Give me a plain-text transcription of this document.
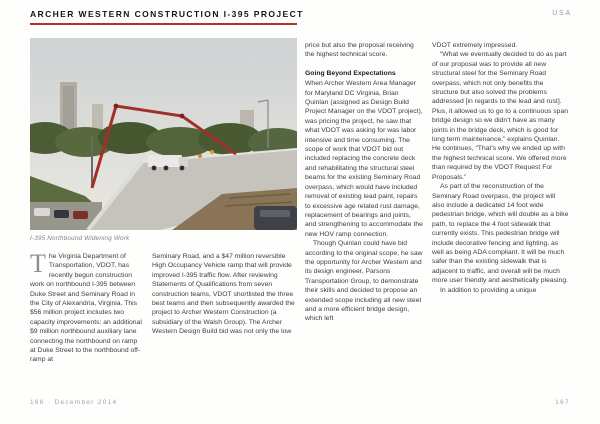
ARCHER WESTERN CONSTRUCTION I-395 PROJECT	USA
I-395 Northbound Widening Work

The Virginia Department of Transportation, VDOT, has recently begun construction work on northbound I-395 between Duke Street and Seminary Road in the City of Alexandria, Virginia. This $56 million project includes two capacity improvements: an additional $9 million northbound auxiliary lane connecting the northbound on ramp at Duke Street to the northbound off-ramp at

Seminary Road, and a $47 million reversible High Occupancy Vehicle ramp that will provide improved I-395 traffic flow. After reviewing Statements of Qualifications from seven construction teams, VDOT shortlisted the three best teams and then subsequently awarded the project to Archer Western Construction (a subsidiary of the Walsh Group). The Archer Western Design Build bid was not only the low

price but also the proposal receiving the highest technical score.

Going Beyond Expectations

When Archer Western Area Manager for Maryland DC Virginia, Brian Quinlan (assigned as Design Build Project Manager on the VDOT project), was pricing the project, he saw that what VDOT was asking for was labor intensive and time consuming. The scope of work that VDOT bid out included replacing the concrete deck and rehabilitating the structural steel beams for the existing Seminary Road overpass, which would have included removal of existing lead paint, repairs to excessive age related rust damage, replacement of bearings and joints, and strengthening to accommodate the new HOV ramp connection.

Though Quinlan could have bid according to the original scope, he saw the opportunity for Archer Western and its design engineer, Parsons Transportation Group, to demonstrate their skills and decided to propose an extended scope including all new steel and a more efficient bridge design, which left

VDOT extremely impressed.

“What we eventually decided to do as part of our proposal was to provide all new structural steel for the Seminary Road overpass, which not only benefits the structure but also solved the problems addressed [in regards to the lead and rust]. Plus, it allowed us to go to a continuous span bridge design so we didn’t have as many joints in the bridge deck, which is good for long term maintenance,” explains Quinlan. He continues, “That’s why we ended up with the highest technical score. We offered more than required by the VDOT Request For Proposals.”

As part of the reconstruction of the Seminary Road overpass, the project will also include a dedicated 14 foot wide pedestrian bridge, which will double as a bike path, to replace the 4 foot sidewalk that currently exists. This pedestrian bridge will include decorative fencing and lighting, as well as being ADA compliant. It will be much safer than the existing sidewalk that is adjacent to traffic, and overall will be much more user friendly and aesthetically pleasing.

In addition to providing a unique

166 · December 2014	167
